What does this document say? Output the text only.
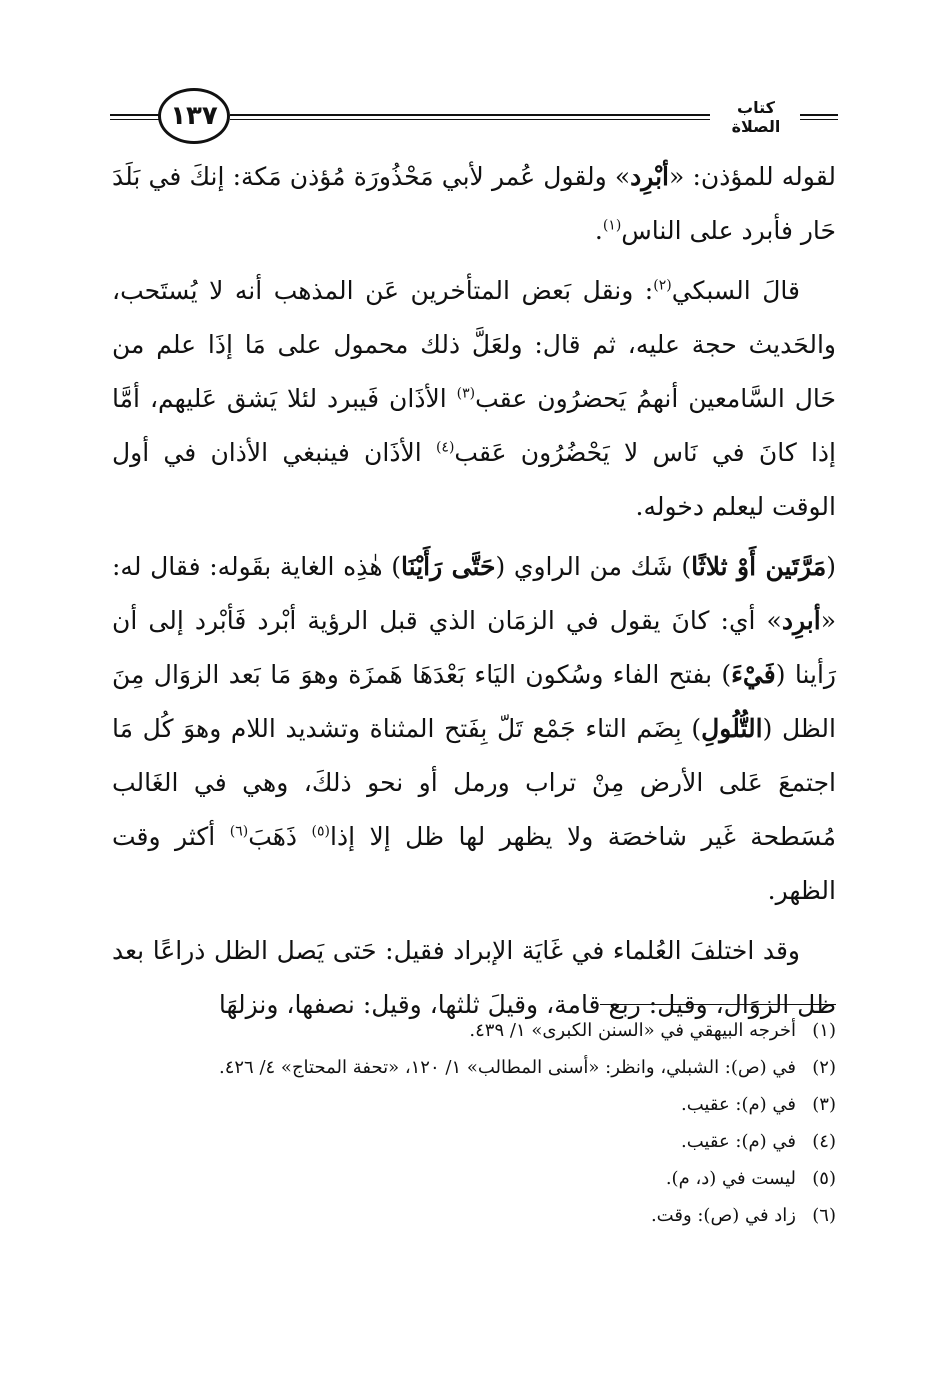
١٣٧	كتاب الصلاة

لقوله للمؤذن: «أبْرِد» ولقول عُمر لأبي مَحْذُورَة مُؤذن مَكة: إنكَ في بَلَدَ حَار فأبرد على الناس$^{(١)}$.

قالَ السبكي$^{(٢)}$: ونقل بَعض المتأخرين عَن المذهب أنه لا يُستَحب، والحَديث حجة عليه، ثم قال: ولعَلَّ ذلك محمول على مَا إذَا علم من حَال السَّامعين أنهمُ يَحضرُون عقب$^{(٣)}$ الأذَان فَيبرد لئلا يَشق عَليهم، أمَّا إذا كانَ في نَاس لا يَحْضُرُون عَقب$^{(٤)}$ الأذَان فينبغي الأذان في أول الوقت ليعلم دخوله.

(مَرَّتَين أَوْ ثلاثًا) شَك من الراوي (حَتَّى رَأَيْنَا) هٰذِه الغاية بقَوله: فقال له: «أبرِد» أي: كانَ يقول في الزمَان الذي قبل الرؤية أبْرد فَأبْرد إلى أن رَأينا (فَيْءَ) بفتح الفاء وسُكون اليَاء بَعْدَهَا هَمزَة وهوَ مَا بَعد الزوَال مِنَ الظل (التُّلُولِ) بِضَم التاء جَمْع تَلّ بِفَتح المثناة وتشديد اللام وهوَ كُل مَا اجتمعَ عَلى الأرض مِنْ تراب ورمل أو نحو ذلكَ، وهي في الغَالب مُسَطحة غَير شاخصَة ولا يظهر لها ظل إلا إذا$^{(٥)}$ ذَهَبَ$^{(٦)}$ أكثر وقت الظهر.

وقد اختلفَ العُلماء في غَايَة الإبراد فقيل: حَتى يَصل الظل ذراعًا بعد ظل الزوَال، وقيل: ربع قامة، وقيلَ ثلثها، وقيل: نصفها، ونزلهَا

(١)أخرجه البيهقي في «السنن الكبرى» ١/ ٤٣٩.

(٢)في (ص): الشبلي، وانظر: «أسنى المطالب» ١/ ١٢٠، «تحفة المحتاج» ٤/ ٤٢٦.

(٣)في (م): عقيب.

(٤)في (م): عقيب.

(٥)ليست في (د، م).

(٦)زاد في (ص): وقت.
